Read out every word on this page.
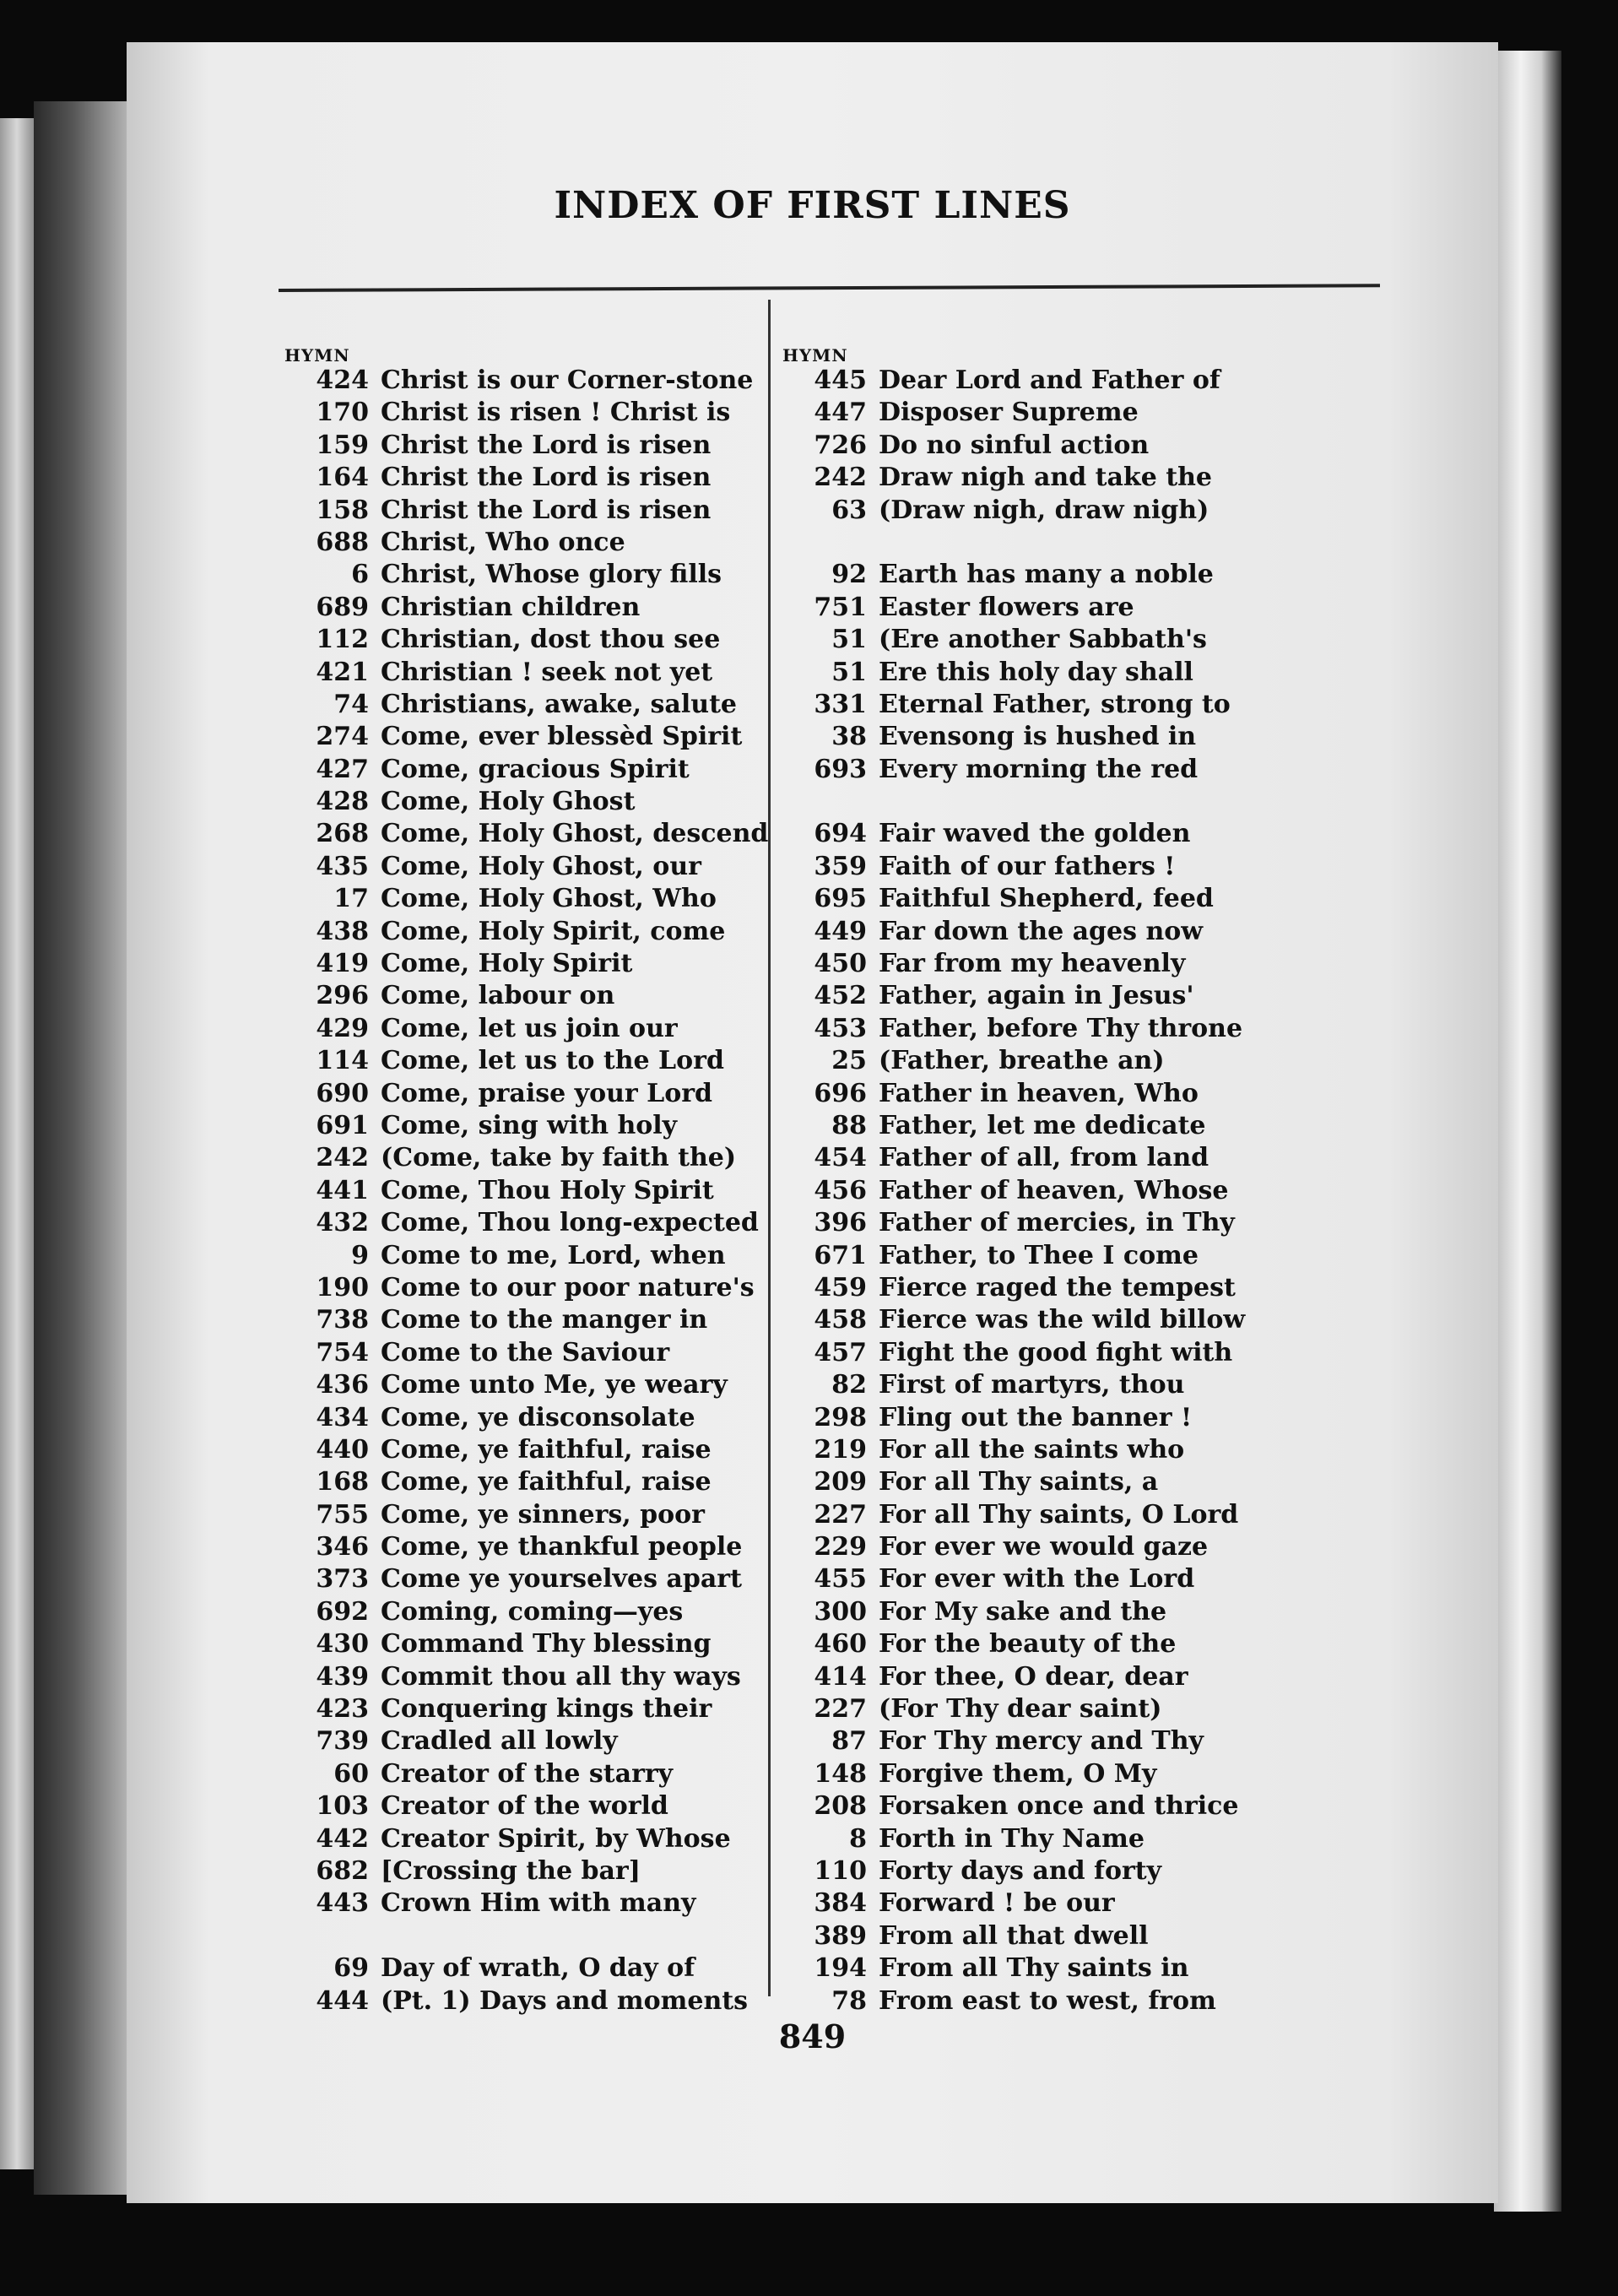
INDEX OF FIRST LINES
HYMN
424 Christ is our Corner-stone
170 Christ is risen ! Christ is
159 Christ the Lord is risen
164 Christ the Lord is risen
158 Christ the Lord is risen
688 Christ, Who once
6 Christ, Whose glory fills
689 Christian children
112 Christian, dost thou see
421 Christian ! seek not yet
74 Christians, awake, salute
274 Come, ever blessèd Spirit
427 Come, gracious Spirit
428 Come, Holy Ghost
268 Come, Holy Ghost, descend
435 Come, Holy Ghost, our
17 Come, Holy Ghost, Who
438 Come, Holy Spirit, come
419 Come, Holy Spirit
296 Come, labour on
429 Come, let us join our
114 Come, let us to the Lord
690 Come, praise your Lord
691 Come, sing with holy
242 (Come, take by faith the)
441 Come, Thou Holy Spirit
432 Come, Thou long-expected
9 Come to me, Lord, when
190 Come to our poor nature's
738 Come to the manger in
754 Come to the Saviour
436 Come unto Me, ye weary
434 Come, ye disconsolate
440 Come, ye faithful, raise
168 Come, ye faithful, raise
755 Come, ye sinners, poor
346 Come, ye thankful people
373 Come ye yourselves apart
692 Coming, coming—yes
430 Command Thy blessing
439 Commit thou all thy ways
423 Conquering kings their
739 Cradled all lowly
60 Creator of the starry
103 Creator of the world
442 Creator Spirit, by Whose
682 [Crossing the bar]
443 Crown Him with many
69 Day of wrath, O day of
444 (Pt. 1) Days and moments
HYMN
445 Dear Lord and Father of
447 Disposer Supreme
726 Do no sinful action
242 Draw nigh and take the
63 (Draw nigh, draw nigh)
92 Earth has many a noble
751 Easter flowers are
51 (Ere another Sabbath's
51 Ere this holy day shall
331 Eternal Father, strong to
38 Evensong is hushed in
693 Every morning the red
694 Fair waved the golden
359 Faith of our fathers !
695 Faithful Shepherd, feed
449 Far down the ages now
450 Far from my heavenly
452 Father, again in Jesus'
453 Father, before Thy throne
25 (Father, breathe an)
696 Father in heaven, Who
88 Father, let me dedicate
454 Father of all, from land
456 Father of heaven, Whose
396 Father of mercies, in Thy
671 Father, to Thee I come
459 Fierce raged the tempest
458 Fierce was the wild billow
457 Fight the good fight with
82 First of martyrs, thou
298 Fling out the banner !
219 For all the saints who
209 For all Thy saints, a
227 For all Thy saints, O Lord
229 For ever we would gaze
455 For ever with the Lord
300 For My sake and the
460 For the beauty of the
414 For thee, O dear, dear
227 (For Thy dear saint)
87 For Thy mercy and Thy
148 Forgive them, O My
208 Forsaken once and thrice
8 Forth in Thy Name
110 Forty days and forty
384 Forward ! be our
389 From all that dwell
194 From all Thy saints in
78 From east to west, from
849
